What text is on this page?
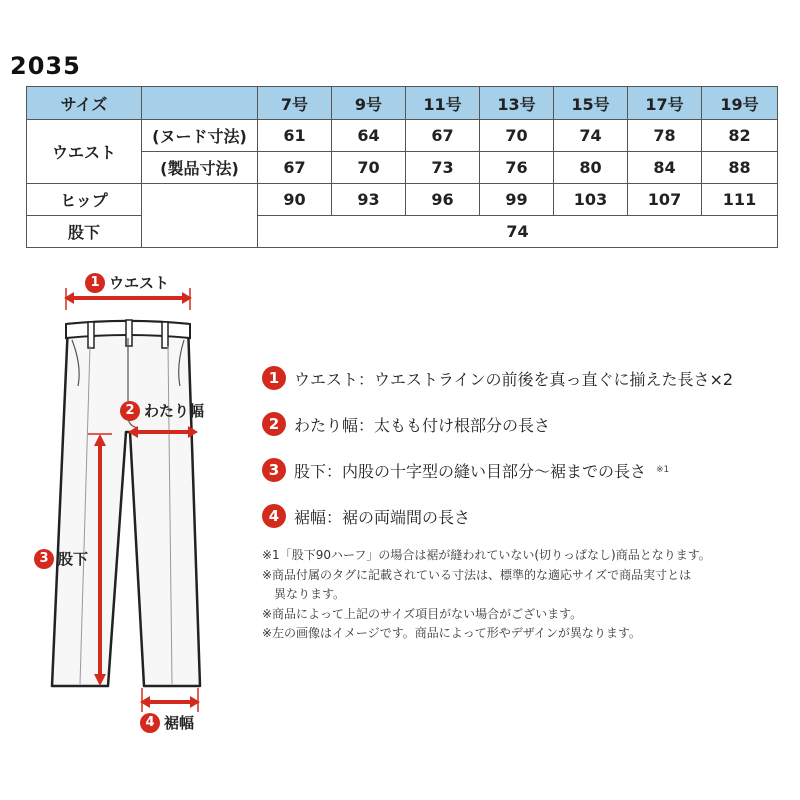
2035
サイズ		7号	9号	11号	13号	15号	17号	19号
ウエスト	(ヌード寸法)	61	64	67	70	74	78	82
	(製品寸法)	67	70	73	76	80	84	88
ヒップ		90	93	96	99	103	107	111
股下		74						
1 ウエスト
2 わたり幅
3 股下
4 裾幅
1 ウエスト：ウエストラインの前後を真っ直ぐに揃えた長さ×2
2 わたり幅：太もも付け根部分の長さ
3 股下：内股の十字型の縫い目部分〜裾までの長さ ※1
4 裾幅：裾の両端間の長さ
※1「股下90ハーフ」の場合は裾が縫われていない(切りっぱなし)商品となります。
※商品付属のタグに記載されている寸法は、標準的な適応サイズで商品実寸とは
異なります。
※商品によって上記のサイズ項目がない場合がございます。
※左の画像はイメージです。商品によって形やデザインが異なります。
